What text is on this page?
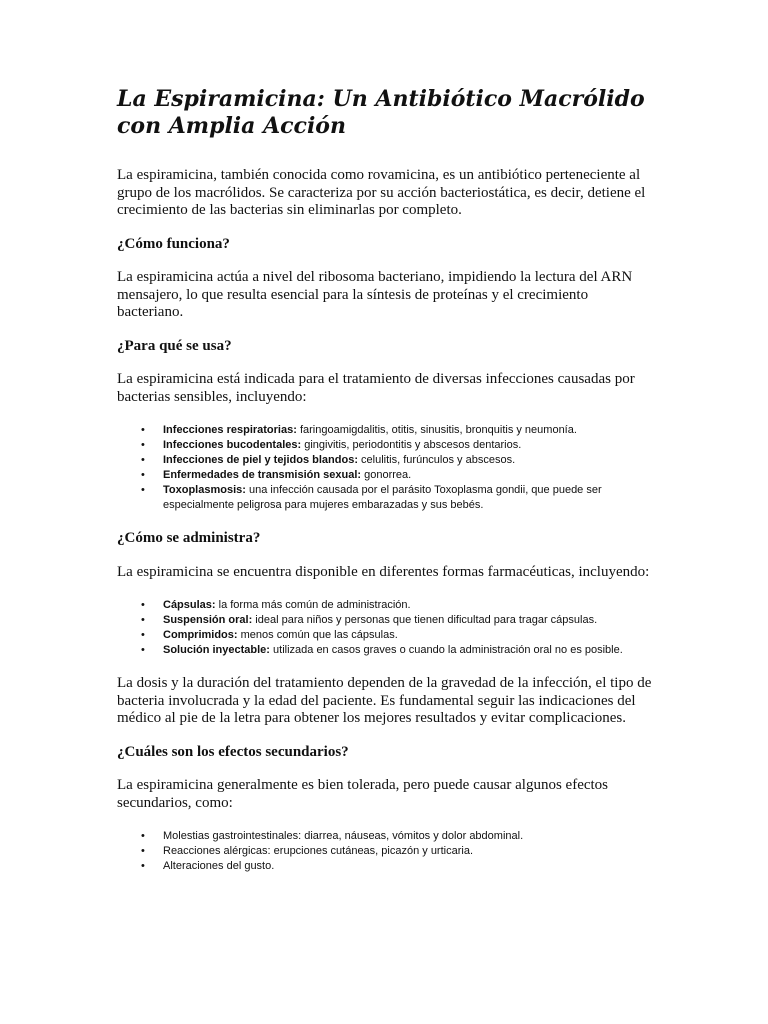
La Espiramicina: Un Antibiótico Macrólido con Amplia Acción

La espiramicina, también conocida como rovamicina, es un antibiótico perteneciente al grupo de los macrólidos. Se caracteriza por su acción bacteriostática, es decir, detiene el crecimiento de las bacterias sin eliminarlas por completo.

¿Cómo funciona?

La espiramicina actúa a nivel del ribosoma bacteriano, impidiendo la lectura del ARN mensajero, lo que resulta esencial para la síntesis de proteínas y el crecimiento bacteriano.

¿Para qué se usa?

La espiramicina está indicada para el tratamiento de diversas infecciones causadas por bacterias sensibles, incluyendo:

• Infecciones respiratorias: faringoamigdalitis, otitis, sinusitis, bronquitis y neumonía.
• Infecciones bucodentales: gingivitis, periodontitis y abscesos dentarios.
• Infecciones de piel y tejidos blandos: celulitis, furúnculos y abscesos.
• Enfermedades de transmisión sexual: gonorrea.
• Toxoplasmosis: una infección causada por el parásito Toxoplasma gondii, que puede ser especialmente peligrosa para mujeres embarazadas y sus bebés.
¿Cómo se administra?

La espiramicina se encuentra disponible en diferentes formas farmacéuticas, incluyendo:

• Cápsulas: la forma más común de administración.
• Suspensión oral: ideal para niños y personas que tienen dificultad para tragar cápsulas.
• Comprimidos: menos común que las cápsulas.
• Solución inyectable: utilizada en casos graves o cuando la administración oral no es posible.

La dosis y la duración del tratamiento dependen de la gravedad de la infección, el tipo de bacteria involucrada y la edad del paciente. Es fundamental seguir las indicaciones del médico al pie de la letra para obtener los mejores resultados y evitar complicaciones.

¿Cuáles son los efectos secundarios?

La espiramicina generalmente es bien tolerada, pero puede causar algunos efectos secundarios, como:

• Molestias gastrointestinales: diarrea, náuseas, vómitos y dolor abdominal.
• Reacciones alérgicas: erupciones cutáneas, picazón y urticaria.
• Alteraciones del gusto.
